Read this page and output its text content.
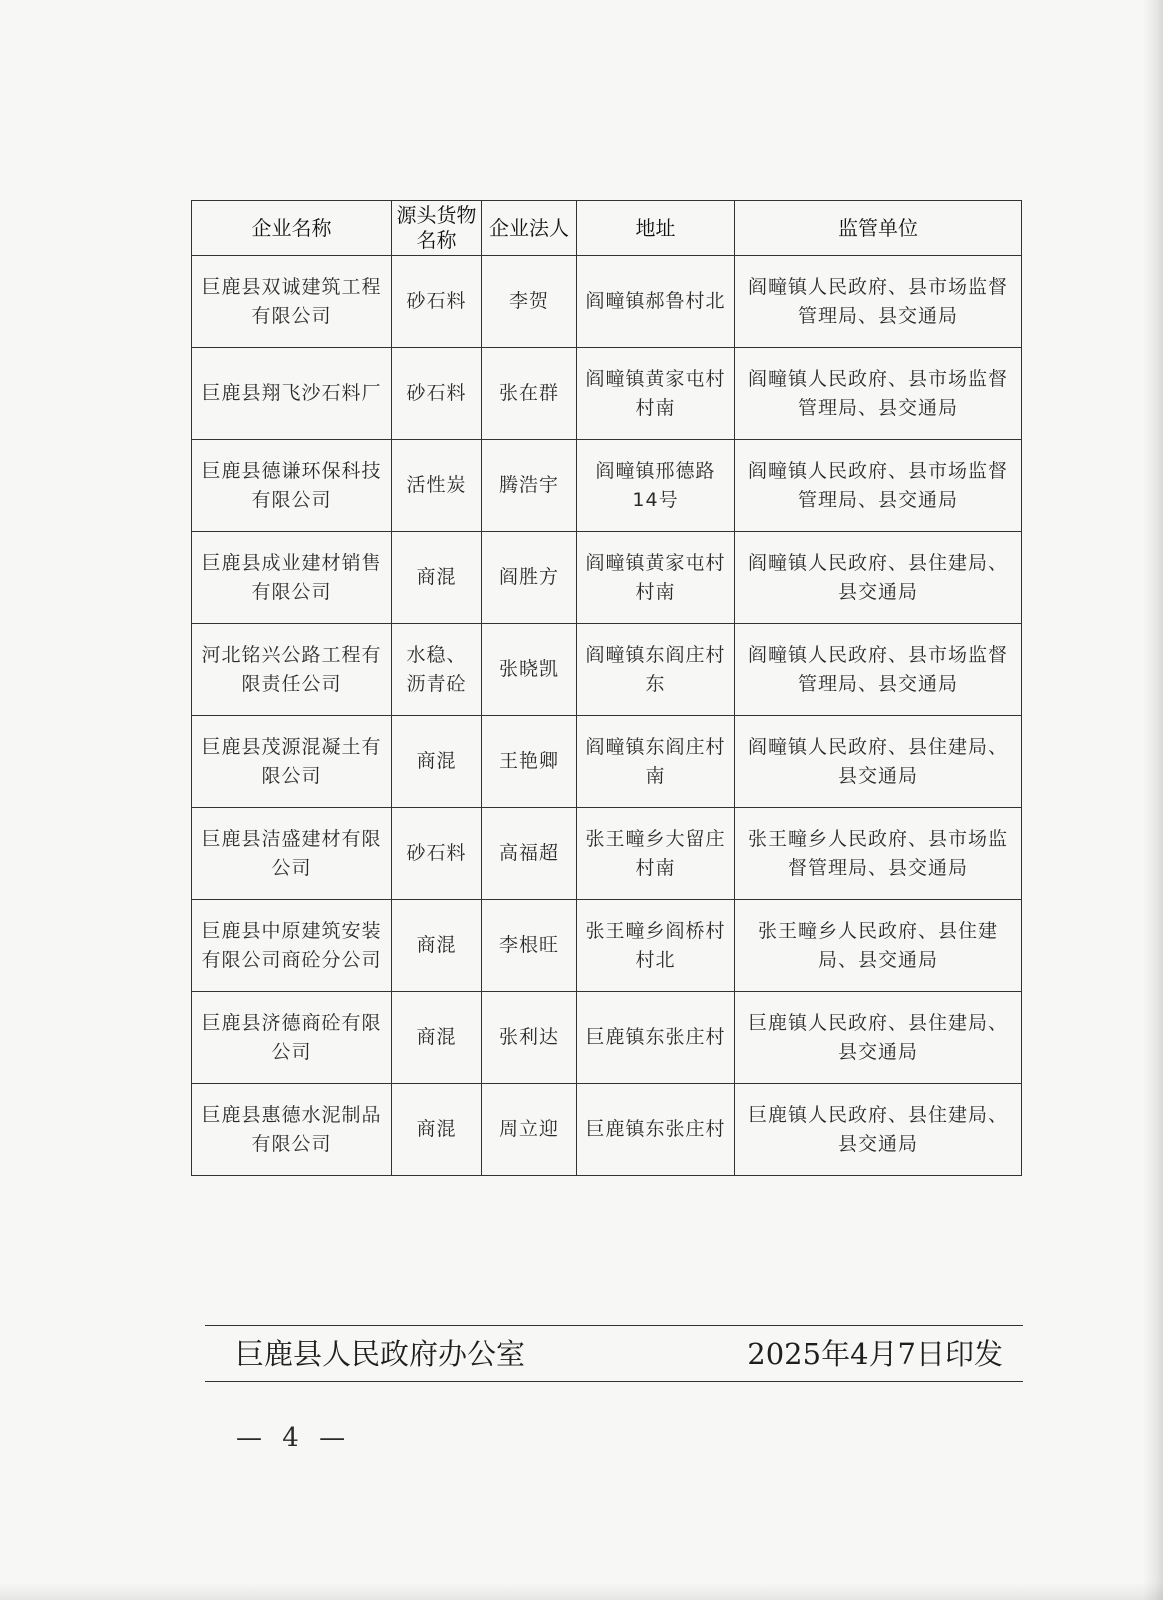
企业名称	源头货物名称	企业法人	地址	监管单位
巨鹿县双诚建筑工程有限公司	砂石料	李贺	阎疃镇郝鲁村北	阎疃镇人民政府、县市场监督管理局、县交通局
巨鹿县翔飞沙石料厂	砂石料	张在群	阎疃镇黄家屯村村南	阎疃镇人民政府、县市场监督管理局、县交通局
巨鹿县德谦环保科技有限公司	活性炭	腾浩宇	阎疃镇邢德路14号	阎疃镇人民政府、县市场监督管理局、县交通局
巨鹿县成业建材销售有限公司	商混	阎胜方	阎疃镇黄家屯村村南	阎疃镇人民政府、县住建局、县交通局
河北铭兴公路工程有限责任公司	水稳、沥青砼	张晓凯	阎疃镇东阎庄村东	阎疃镇人民政府、县市场监督管理局、县交通局
巨鹿县茂源混凝土有限公司	商混	王艳卿	阎疃镇东阎庄村南	阎疃镇人民政府、县住建局、县交通局
巨鹿县洁盛建材有限公司	砂石料	高福超	张王疃乡大留庄村南	张王疃乡人民政府、县市场监督管理局、县交通局
巨鹿县中原建筑安装有限公司商砼分公司	商混	李根旺	张王疃乡阎桥村村北	张王疃乡人民政府、县住建局、县交通局
巨鹿县济德商砼有限公司	商混	张利达	巨鹿镇东张庄村	巨鹿镇人民政府、县住建局、县交通局
巨鹿县惠德水泥制品有限公司	商混	周立迎	巨鹿镇东张庄村	巨鹿镇人民政府、县住建局、县交通局
巨鹿县人民政府办公室	2025年4月7日印发
— 4 —
